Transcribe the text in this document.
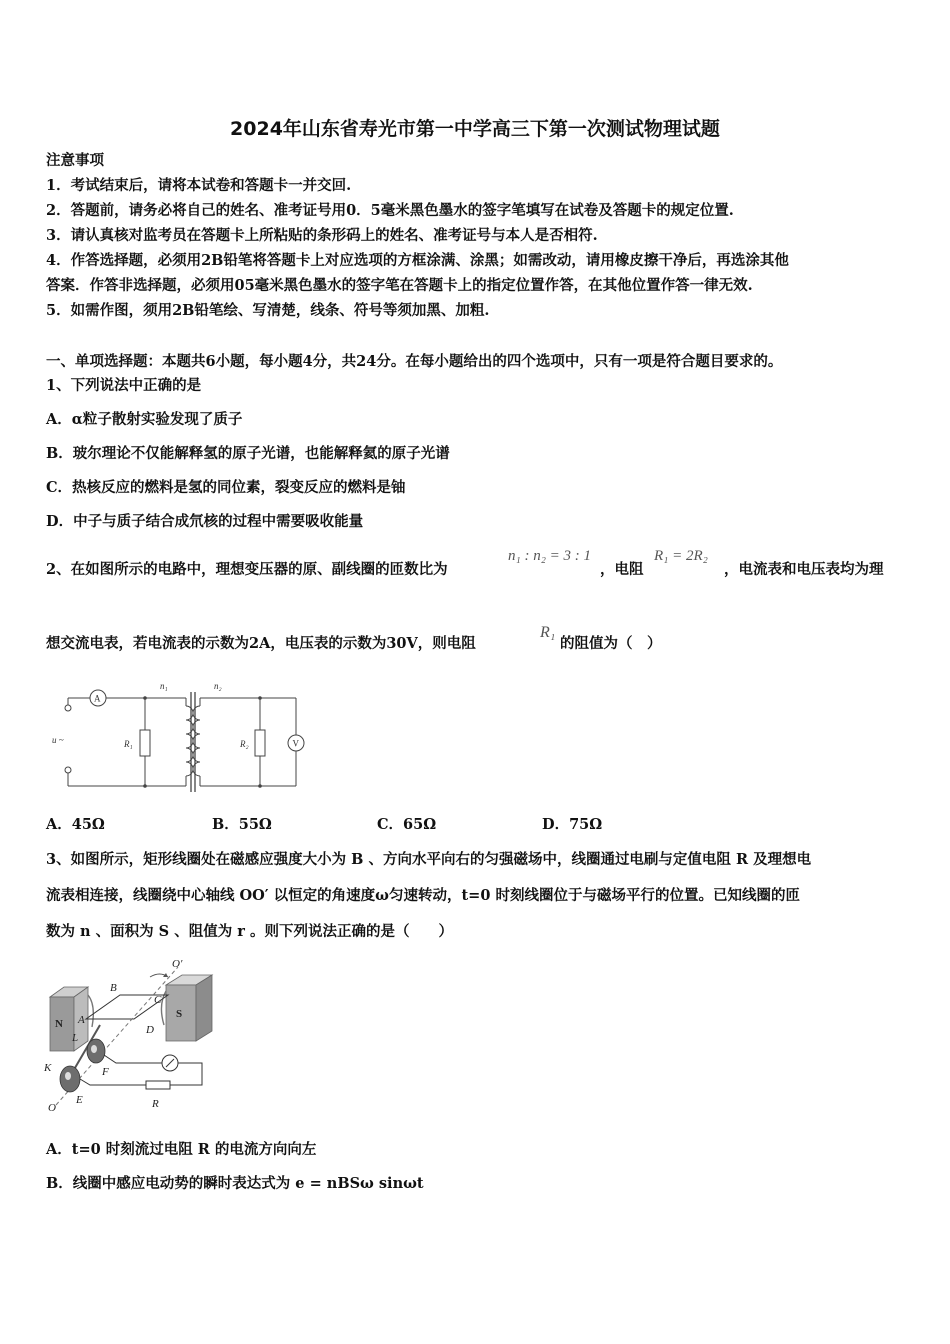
2024年山东省寿光市第一中学高三下第一次测试物理试题
注意事项
1．考试结束后，请将本试卷和答题卡一并交回.
2．答题前，请务必将自己的姓名、准考证号用0．5毫米黑色墨水的签字笔填写在试卷及答题卡的规定位置.
3．请认真核对监考员在答题卡上所粘贴的条形码上的姓名、准考证号与本人是否相符.
4．作答选择题，必须用2B铅笔将答题卡上对应选项的方框涂满、涂黑；如需改动，请用橡皮擦干净后，再选涂其他
答案．作答非选择题，必须用05毫米黑色墨水的签字笔在答题卡上的指定位置作答，在其他位置作答一律无效.
5．如需作图，须用2B铅笔绘、写清楚，线条、符号等须加黑、加粗.
一、单项选择题：本题共6小题，每小题4分，共24分。在每小题给出的四个选项中，只有一项是符合题目要求的。
1、下列说法中正确的是
A．α粒子散射实验发现了质子
B．玻尔理论不仅能解释氢的原子光谱，也能解释氦的原子光谱
C．热核反应的燃料是氢的同位素，裂变反应的燃料是铀
D．中子与质子结合成氘核的过程中需要吸收能量
2、在如图所示的电路中，理想变压器的原、副线圈的匝数比为
n₁ : n₂ = 3 : 1
，电阻
R₁ = 2R₂
，电流表和电压表均为理
想交流电表，若电流表的示数为2A，电压表的示数为30V，则电阻
R₁
的阻值为（　）
A
V
n₁	n₂
R₁	R₂
u ~
A．45Ω	B．55Ω	C．65Ω	D．75Ω
3、如图所示，矩形线圈处在磁感应强度大小为 B 、方向水平向右的匀强磁场中，线圈通过电刷与定值电阻 R 及理想电
流表相连接，线圈绕中心轴线 OO′ 以恒定的角速度ω匀速转动，t=0 时刻线圈位于与磁场平行的位置。已知线圈的匝
数为 n 、面积为 S 、阻值为 r 。则下列说法正确的是（　　）
O′
B
A
C
D
L
K	F
E
O	R
N
S
A．t=0 时刻流过电阻 R 的电流方向向左
B．线圈中感应电动势的瞬时表达式为 e = nBSω sinωt
